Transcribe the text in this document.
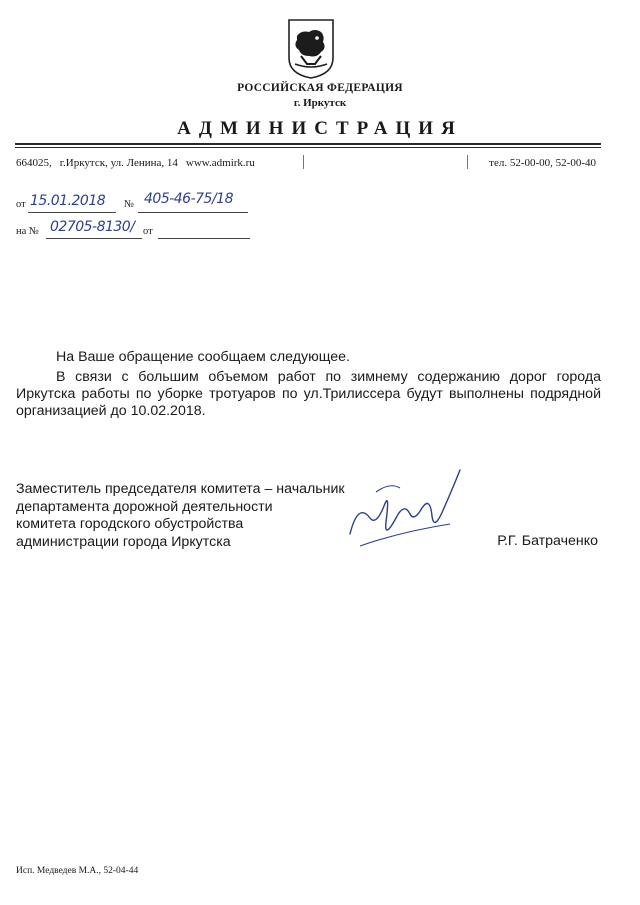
РОССИЙСКАЯ ФЕДЕРАЦИЯ
г. Иркутск
АДМИНИСТРАЦИЯ
664025, г.Иркутск, ул. Ленина, 14 www.admirk.ru	тел. 52-00-00, 52-00-40
от 15.01.2018 № 405-46-75/18
на № 02705-8130/ от
На Ваше обращение сообщаем следующее.
В связи с большим объемом работ по зимнему содержанию дорог города Иркутска работы по уборке тротуаров по ул.Трилиссера будут выполнены подрядной организацией до 10.02.2018.
Заместитель председателя комитета – начальник
департамента дорожной деятельности
комитета городского обустройства
администрации города Иркутска	Р.Г. Батраченко
Исп. Медведев М.А., 52-04-44
